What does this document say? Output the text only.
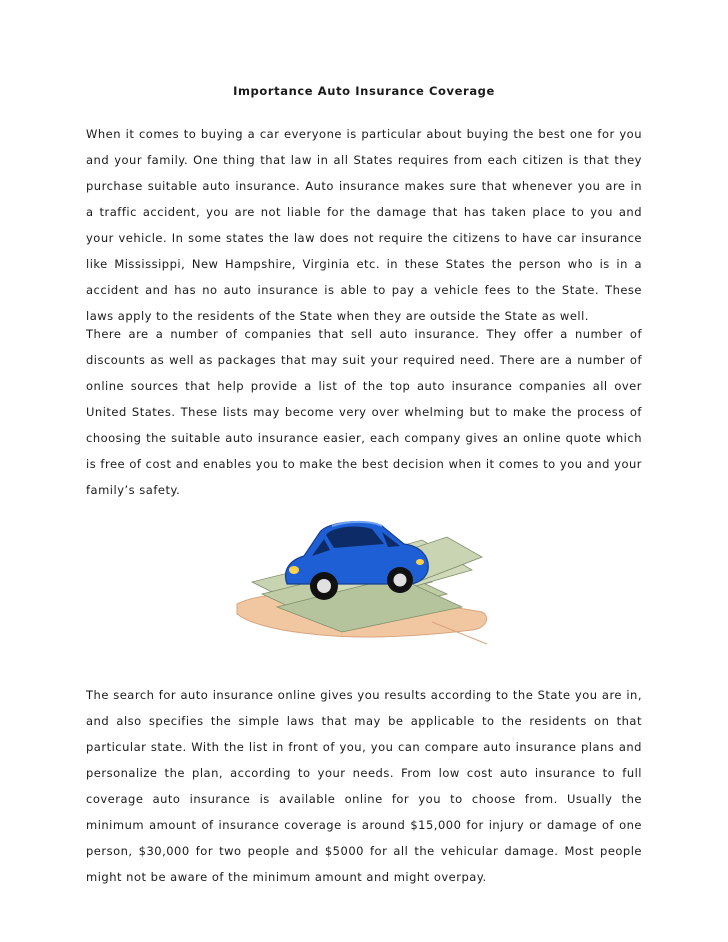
Importance Auto Insurance Coverage

When it comes to buying a car everyone is particular about buying the best one for you and your family. One thing that law in all States requires from each citizen is that they purchase suitable auto insurance. Auto insurance makes sure that whenever you are in a traffic accident, you are not liable for the damage that has taken place to you and your vehicle. In some states the law does not require the citizens to have car insurance like Mississippi, New Hampshire, Virginia etc. in these States the person who is in a accident and has no auto insurance is able to pay a vehicle fees to the State. These laws apply to the residents of the State when they are outside the State as well.

There are a number of companies that sell auto insurance. They offer a number of discounts as well as packages that may suit your required need. There are a number of online sources that help provide a list of the top auto insurance companies all over United States. These lists may become very over whelming but to make the process of choosing the suitable auto insurance easier, each company gives an online quote which is free of cost and enables you to make the best decision when it comes to you and your family’s safety.

The search for auto insurance online gives you results according to the State you are in, and also specifies the simple laws that may be applicable to the residents on that particular state. With the list in front of you, you can compare auto insurance plans and personalize the plan, according to your needs. From low cost auto insurance to full coverage auto insurance is available online for you to choose from. Usually the minimum amount of insurance coverage is around $15,000 for injury or damage of one person, $30,000 for two people and $5000 for all the vehicular damage. Most people might not be aware of the minimum amount and might overpay.
